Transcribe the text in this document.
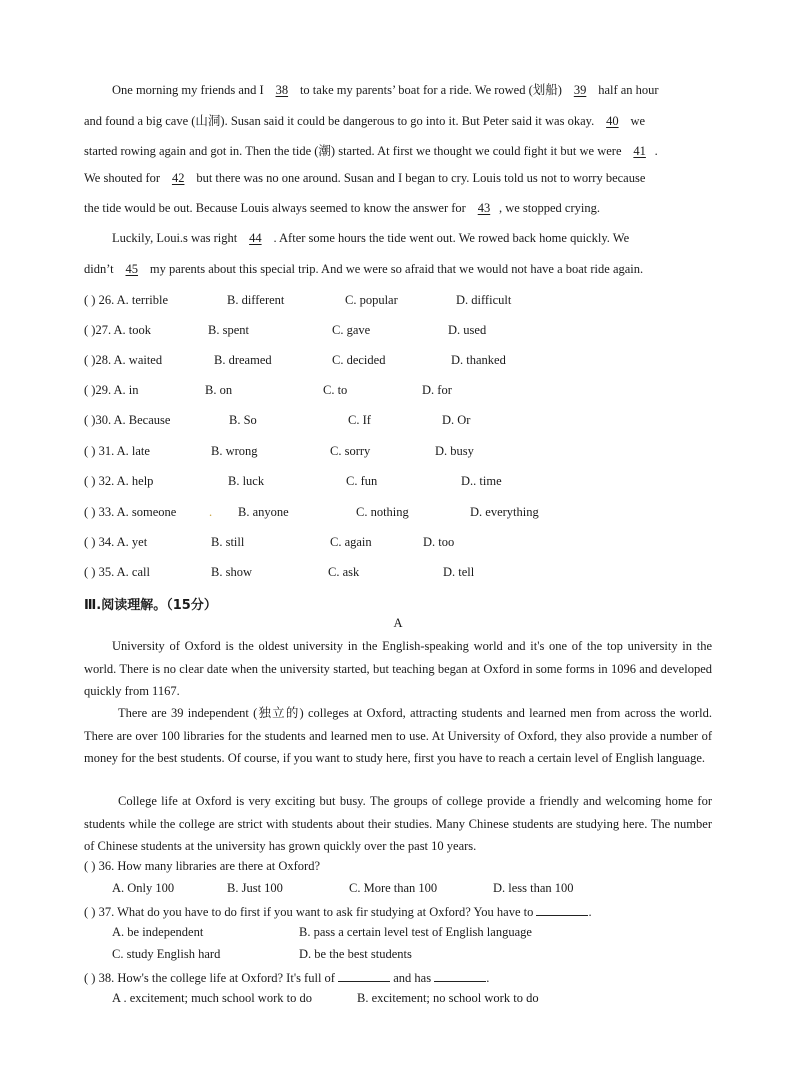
One morning my friends and I 38 to take my parents’ boat for a ride. We rowed (划船) 39 half an hour
and found a big cave (山洞). Susan said it could be dangerous to go into it. But Peter said it was okay. 40 we
started rowing again and got in. Then the tide (潮) started. At first we thought we could fight it but we were 41 .
We shouted for 42 but there was no one around. Susan and I began to cry. Louis told us not to worry because
the tide would be out. Because Louis always seemed to know the answer for 43 , we stopped crying.
Luckily, Loui.s was right 44 . After some hours the tide went out. We rowed back home quickly. We
didn’t 45 my parents about this special trip. And we were so afraid that we would not have a boat ride again.
( ) 26. A. terrible	B. different	C. popular	D. difficult
( )27. A. took	B. spent	C. gave	D. used
( )28. A. waited	B. dreamed	C. decided	D. thanked
( )29. A. in	B. on	C. to	D. for
( )30. A. Because	B. So	C. If	D. Or
( ) 31. A. late	B. wrong	C. sorry	D. busy
( ) 32. A. help	B. luck	C. fun	D.. time
( ) 33. A. someone	. B. anyone	C. nothing	D. everything
( ) 34. A. yet	B. still	C. again	D. too
( ) 35. A. call	B. show	C. ask	D. tell
Ⅲ.阅读理解。（15分）
A
University of Oxford is the oldest university in the English-speaking world and it's one of the top university in the world. There is no clear date when the university started, but teaching began at Oxford in some forms in 1096 and developed quickly from 1167.
There are 39 independent (独立的) colleges at Oxford, attracting students and learned men from across the world. There are over 100 libraries for the students and learned men to use. At University of Oxford, they also provide a number of money for the best students. Of course, if you want to study here, first you have to reach a certain level of English language.
College life at Oxford is very exciting but busy. The groups of college provide a friendly and welcoming home for students while the college are strict with students about their studies. Many Chinese students are studying here. The number of Chinese students at the university has grown quickly over the past 10 years.
( ) 36. How many libraries are there at Oxford?
A. Only 100	B. Just 100	C. More than 100	D. less than 100
( ) 37. What do you have to do first if you want to ask fir studying at Oxford? You have to	.
A. be independent	B. pass a certain level test of English language
C. study English hard	D. be the best students
( ) 38. How's the college life at Oxford? It's full of	and has	.
A . excitement; much school work to do	B. excitement; no school work to do
